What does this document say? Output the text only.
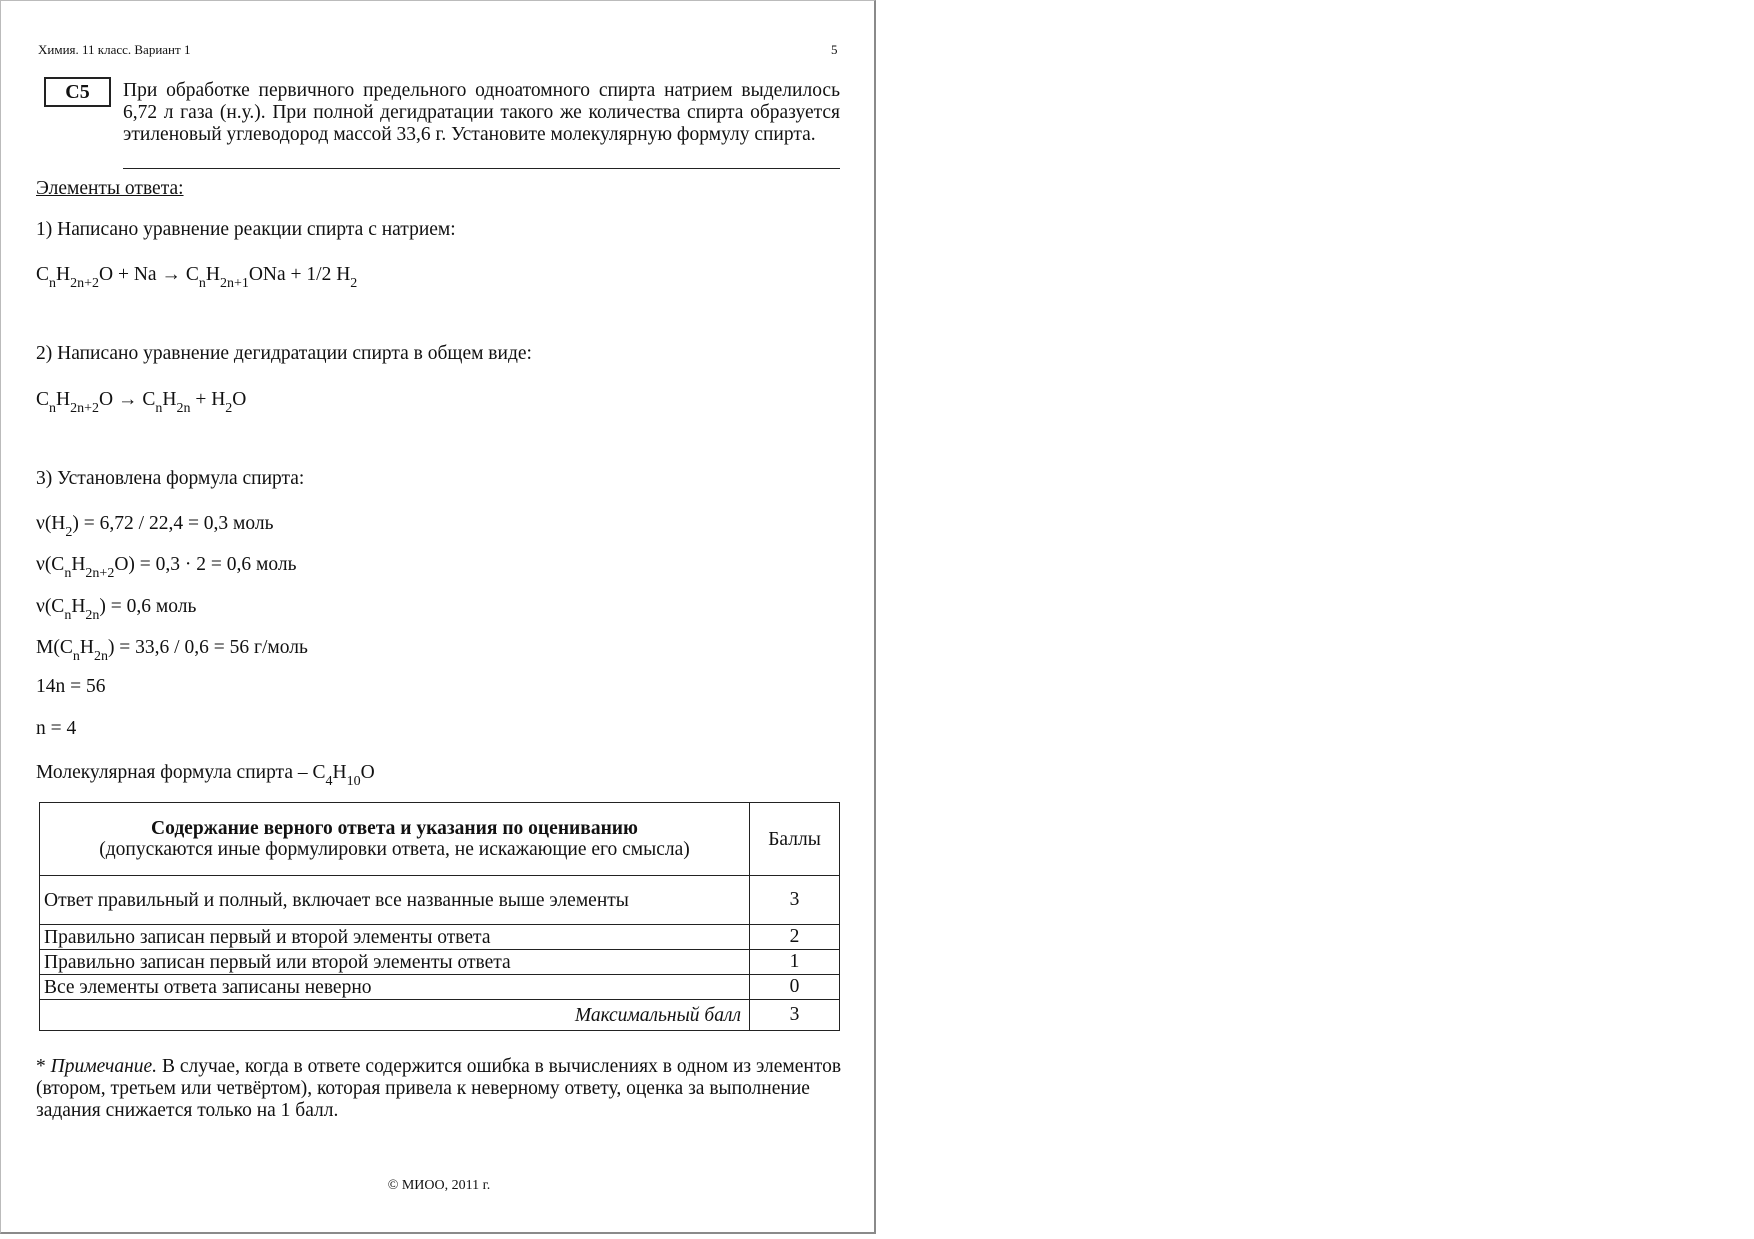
Химия. 11 класс. Вариант 1	5
С5	При обработке первичного предельного одноатомного спирта натрием выделилось 6,72 л газа (н.у.). При полной дегидратации такого же количества спирта образуется этиленовый углеводород массой 33,6 г. Установите молекулярную формулу спирта.
Элементы ответа:
1) Написано уравнение реакции спирта с натрием:
$C_nH_{2n+2}O + Na \to C_nH_{2n+1}ONa + 1/2$ $H_2$
2) Написано уравнение дегидратации спирта в общем виде:
$C_nH_{2n+2}O \to C_nH_{2n} + H_2O$
3) Установлена формула спирта:
$\nu(H_2) = 6,72 / 22,4 = 0,3$ моль
$\nu(C_nH_{2n+2}O) = 0,3 \cdot 2 = 0,6$ моль
$\nu(C_nH_{2n}) = 0,6$ моль
$M(C_nH_{2n}) = 33,6 / 0,6 = 56$ г/моль
14n = 56
n = 4
Молекулярная формула спирта – $C_4H_{10}O$
Содержание верного ответа и указания по оцениванию
(допускаются иные формулировки ответа, не искажающие его смысла)	Баллы
Ответ правильный и полный, включает все названные выше элементы	3
Правильно записан первый и второй элементы ответа	2
Правильно записан первый или второй элементы ответа	1
Все элементы ответа записаны неверно	0
Максимальный балл	3
* Примечание. В случае, когда в ответе содержится ошибка в вычислениях в одном из элементов (втором, третьем или четвёртом), которая привела к неверному ответу, оценка за выполнение задания снижается только на 1 балл.
© МИОО, 2011 г.
